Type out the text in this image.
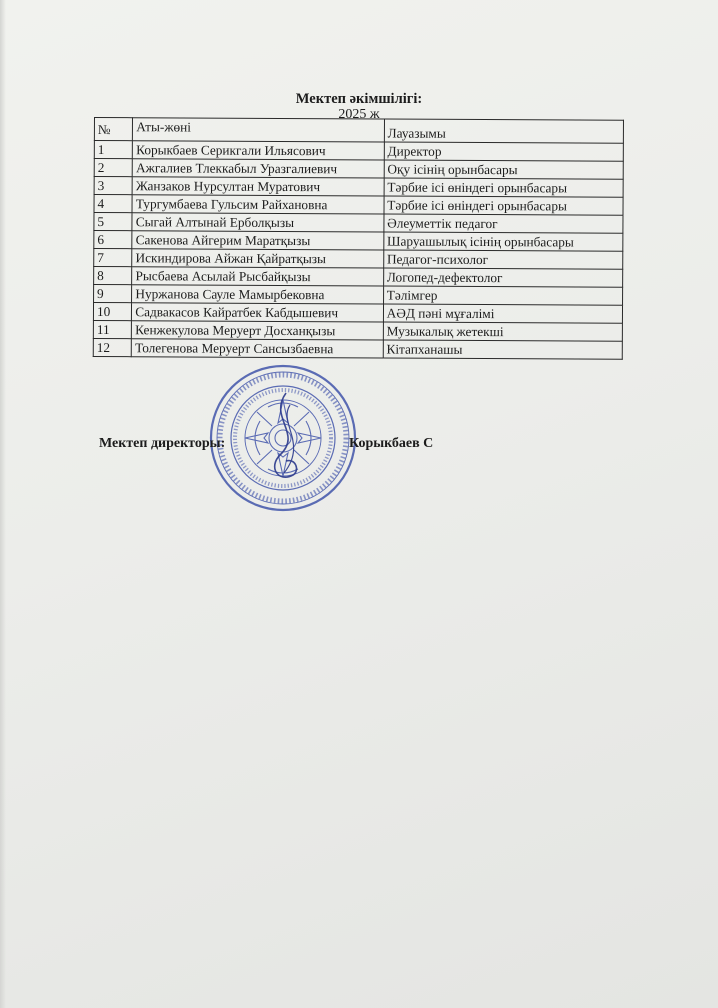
Мектеп әкімшілігі:
2025 ж
№	Аты-жөні	Лауазымы
1	Корыкбаев Серикгали Ильясович	Директор
2	Ажгалиев Тлеккабыл Уразгалиевич	Оқу ісінің орынбасары
3	Жанзаков Нурсултан Муратович	Тәрбие ісі өніндегі орынбасары
4	Тургумбаева Гульсим Райхановна	Тәрбие ісі өніндегі орынбасары
5	Сыгай Алтынай Ерболқызы	Әлеуметтік педагог
6	Сакенова Айгерим Маратқызы	Шаруашылық ісінің орынбасары
7	Искиндирова Айжан Қайратқызы	Педагог-психолог
8	Рысбаева Асылай Рысбайқызы	Логопед-дефектолог
9	Нуржанова Сауле Мамырбековна	Тәлімгер
10	Садвакасов Кайратбек Кабдышевич	АӘД пәні мұғалімі
11	Кенжекулова Меруерт Досханқызы	Музыкалық жетекші
12	Толегенова Меруерт Сансызбаевна	Кітапханашы
Мектеп директоры:	Корыкбаев С
